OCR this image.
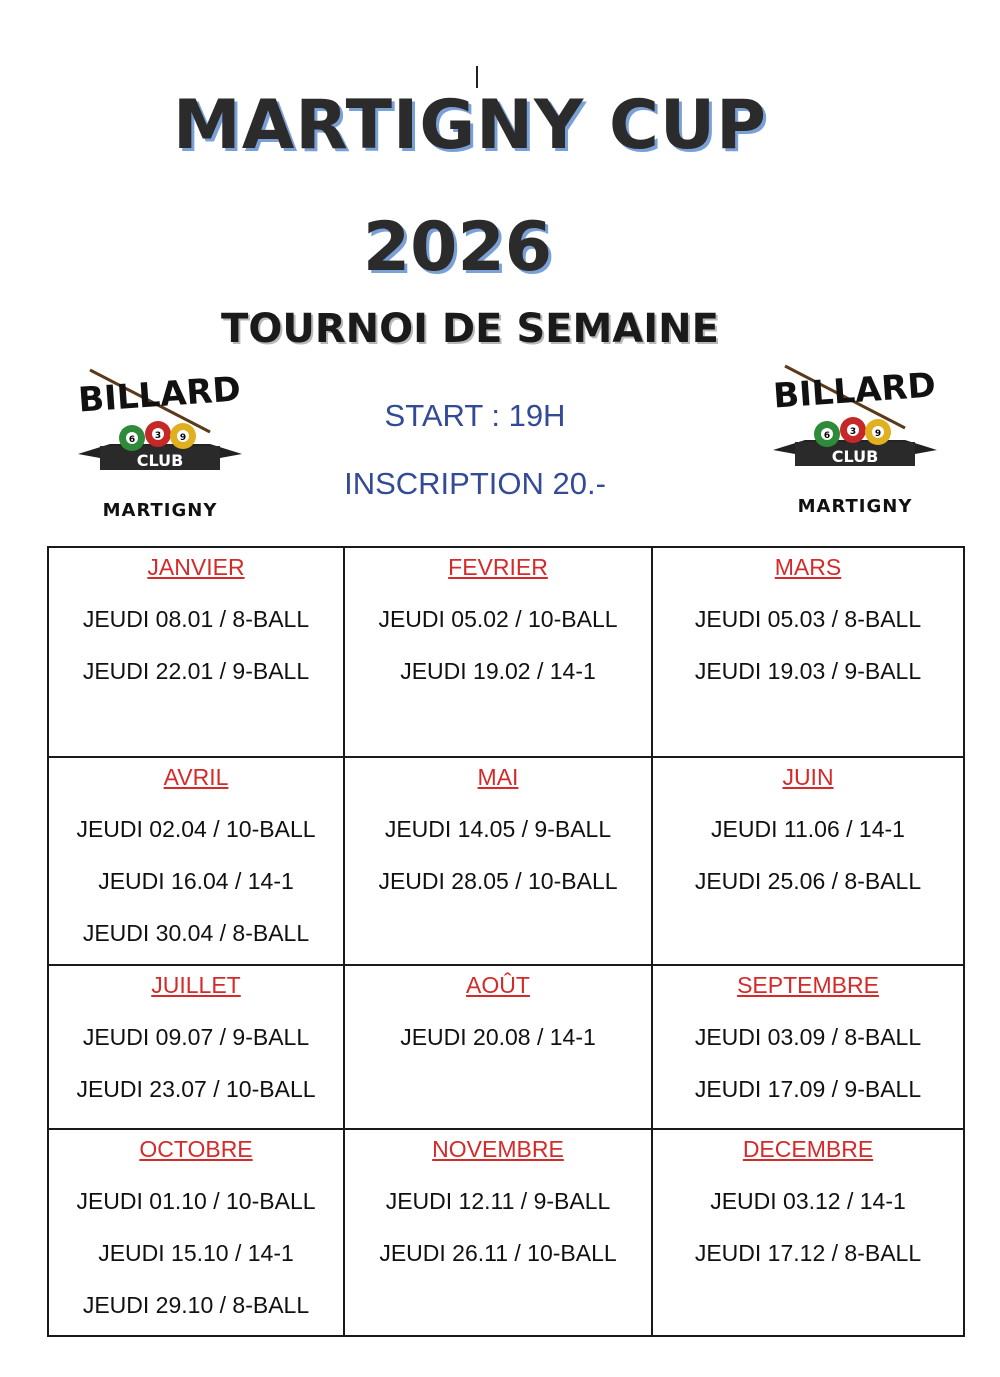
MARTIGNY CUP
2026
TOURNOI DE SEMAINE
START : 19H
INSCRIPTION 20.-
BILLARD
CLUB
6 3 9
MARTIGNY
BILLARD
CLUB
6 3 9
MARTIGNY
JANVIER
JEUDI 08.01 / 8-BALL
JEUDI 22.01 / 9-BALL	FEVRIER
JEUDI 05.02 / 10-BALL
JEUDI 19.02 / 14-1	MARS
JEUDI 05.03 / 8-BALL
JEUDI 19.03 / 9-BALL

AVRIL
JEUDI 02.04 / 10-BALL
JEUDI 16.04 / 14-1
JEUDI 30.04 / 8-BALL	MAI
JEUDI 14.05 / 9-BALL
JEUDI 28.05 / 10-BALL	JUIN
JEUDI 11.06 / 14-1
JEUDI 25.06 / 8-BALL

JUILLET
JEUDI 09.07 / 9-BALL
JEUDI 23.07 / 10-BALL	AOÛT
JEUDI 20.08 / 14-1	SEPTEMBRE
JEUDI 03.09 / 8-BALL
JEUDI 17.09 / 9-BALL

OCTOBRE
JEUDI 01.10 / 10-BALL
JEUDI 15.10 / 14-1
JEUDI 29.10 / 8-BALL	NOVEMBRE
JEUDI 12.11 / 9-BALL
JEUDI 26.11 / 10-BALL	DECEMBRE
JEUDI 03.12 / 14-1
JEUDI 17.12 / 8-BALL
